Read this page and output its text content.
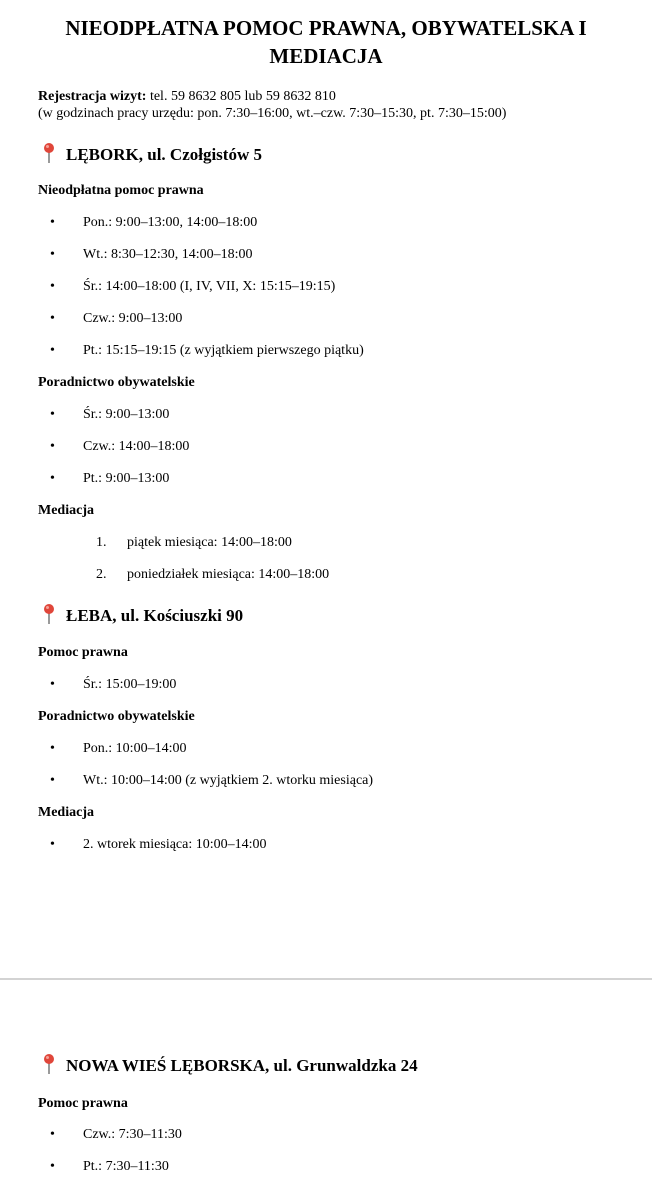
NIEODPŁATNA POMOC PRAWNA, OBYWATELSKA I MEDIACJA
Rejestracja wizyt: tel. 59 8632 805 lub 59 8632 810
(w godzinach pracy urzędu: pon. 7:30–16:00, wt.–czw. 7:30–15:30, pt. 7:30–15:00)
LĘBORK, ul. Czołgistów 5
Nieodpłatna pomoc prawna
•	Pon.: 9:00–13:00, 14:00–18:00
•	Wt.: 8:30–12:30, 14:00–18:00
•	Śr.: 14:00–18:00 (I, IV, VII, X: 15:15–19:15)
•	Czw.: 9:00–13:00
•	Pt.: 15:15–19:15 (z wyjątkiem pierwszego piątku)
Poradnictwo obywatelskie
•	Śr.: 9:00–13:00
•	Czw.: 14:00–18:00
•	Pt.: 9:00–13:00
Mediacja
1.	piątek miesiąca: 14:00–18:00
2.	poniedziałek miesiąca: 14:00–18:00
ŁEBA, ul. Kościuszki 90
Pomoc prawna
•	Śr.: 15:00–19:00
Poradnictwo obywatelskie
•	Pon.: 10:00–14:00
•	Wt.: 10:00–14:00 (z wyjątkiem 2. wtorku miesiąca)
Mediacja
•	2. wtorek miesiąca: 10:00–14:00
NOWA WIEŚ LĘBORSKA, ul. Grunwaldzka 24
Pomoc prawna
•	Czw.: 7:30–11:30
•	Pt.: 7:30–11:30
